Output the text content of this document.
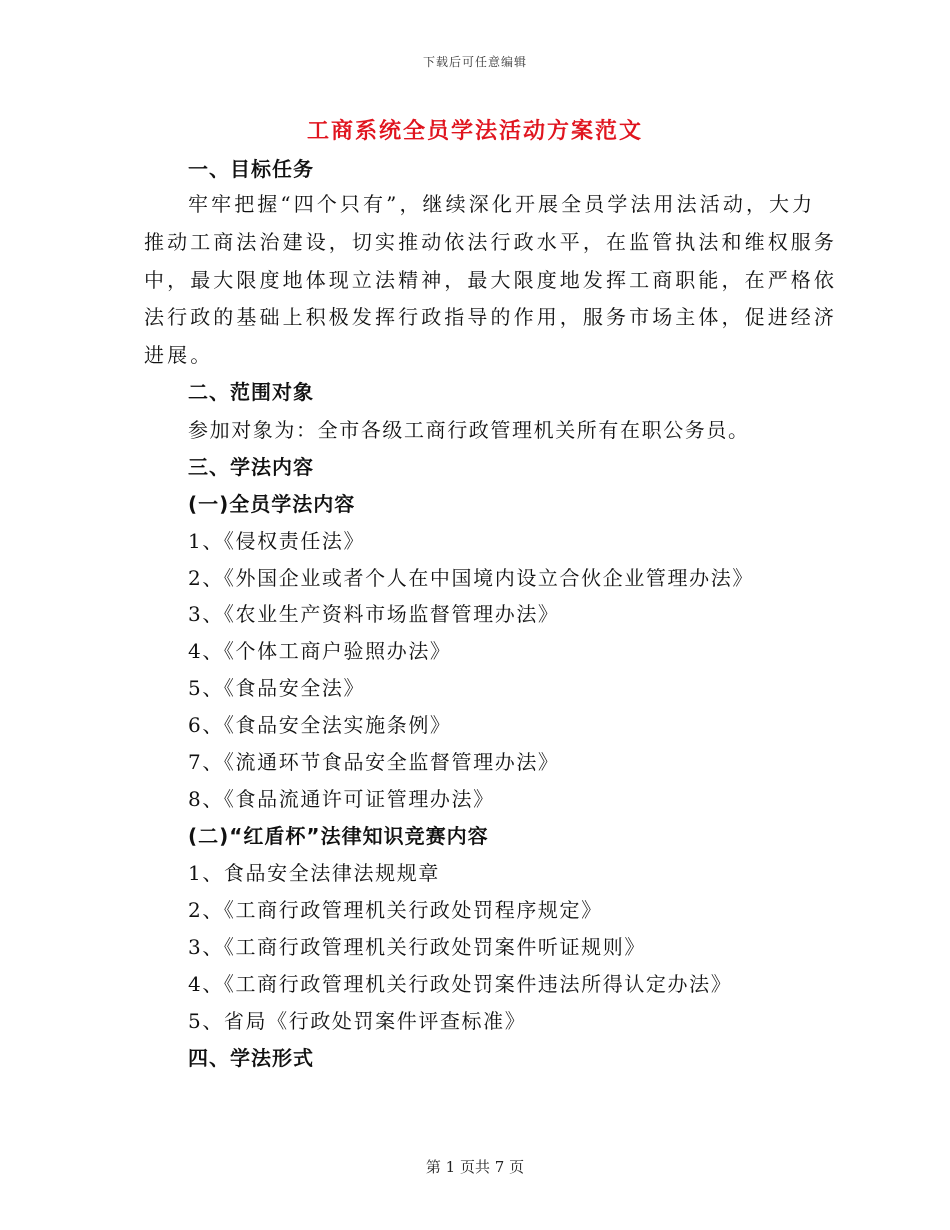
下载后可任意编辑
工商系统全员学法活动方案范文
一、目标任务
牢牢把握“四个只有”，继续深化开展全员学法用法活动，大力
推动工商法治建设，切实推动依法行政水平，在监管执法和维权服务
中，最大限度地体现立法精神，最大限度地发挥工商职能，在严格依
法行政的基础上积极发挥行政指导的作用，服务市场主体，促进经济
进展。
二、范围对象
参加对象为：全市各级工商行政管理机关所有在职公务员。
三、学法内容
(一)全员学法内容
1、《侵权责任法》
2、《外国企业或者个人在中国境内设立合伙企业管理办法》
3、《农业生产资料市场监督管理办法》
4、《个体工商户验照办法》
5、《食品安全法》
6、《食品安全法实施条例》
7、《流通环节食品安全监督管理办法》
8、《食品流通许可证管理办法》
(二)“红盾杯”法律知识竞赛内容
1、食品安全法律法规规章
2、《工商行政管理机关行政处罚程序规定》
3、《工商行政管理机关行政处罚案件听证规则》
4、《工商行政管理机关行政处罚案件违法所得认定办法》
5、省局《行政处罚案件评查标准》
四、学法形式
第 1 页共 7 页
